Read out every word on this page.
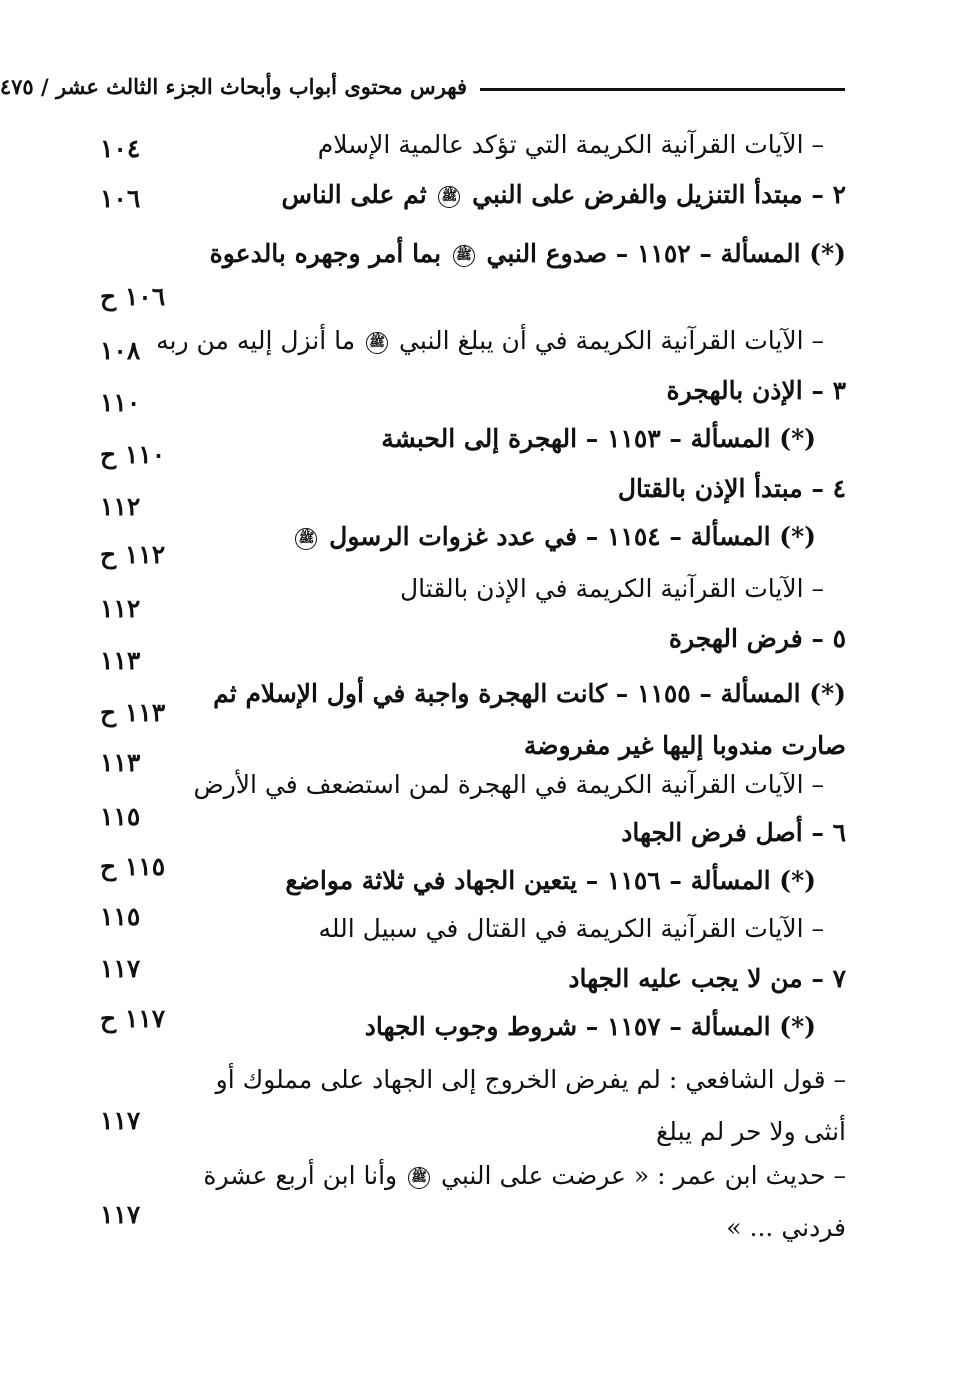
فهرس محتوى أبواب وأبحاث الجزء الثالث عشر / ٤٧٥
– الآيات القرآنية الكريمة التي تؤكد عالمية الإسلام
١٠٤
٢ – مبتدأ التنزيل والفرض على النبي ﷺ ثم على الناس
١٠٦
(*) المسألة – ١١٥٢ – صدوع النبي ﷺ بما أمر وجهره بالدعوة
١٠٦ ح
– الآيات القرآنية الكريمة في أن يبلغ النبي ﷺ ما أنزل إليه من ربه
١٠٨
٣ – الإذن بالهجرة
١١٠
(*) المسألة – ١١٥٣ – الهجرة إلى الحبشة
١١٠ ح
٤ – مبتدأ الإذن بالقتال
١١٢
(*) المسألة – ١١٥٤ – في عدد غزوات الرسول ﷺ
١١٢ ح
– الآيات القرآنية الكريمة في الإذن بالقتال
١١٢
٥ – فرض الهجرة
١١٣
(*) المسألة – ١١٥٥ – كانت الهجرة واجبة في أول الإسلام ثم صارت مندوبا إليها غير مفروضة
١١٣ ح
– الآيات القرآنية الكريمة في الهجرة لمن استضعف في الأرض
١١٣
٦ – أصل فرض الجهاد
١١٥
(*) المسألة – ١١٥٦ – يتعين الجهاد في ثلاثة مواضع
١١٥ ح
– الآيات القرآنية الكريمة في القتال في سبيل الله
١١٥
٧ – من لا يجب عليه الجهاد
١١٧
(*) المسألة – ١١٥٧ – شروط وجوب الجهاد
١١٧ ح
– قول الشافعي : لم يفرض الخروج إلى الجهاد على مملوك أو أنثى ولا حر لم يبلغ
١١٧
– حديث ابن عمر : « عرضت على النبي ﷺ وأنا ابن أربع عشرة فردني ... »
١١٧
